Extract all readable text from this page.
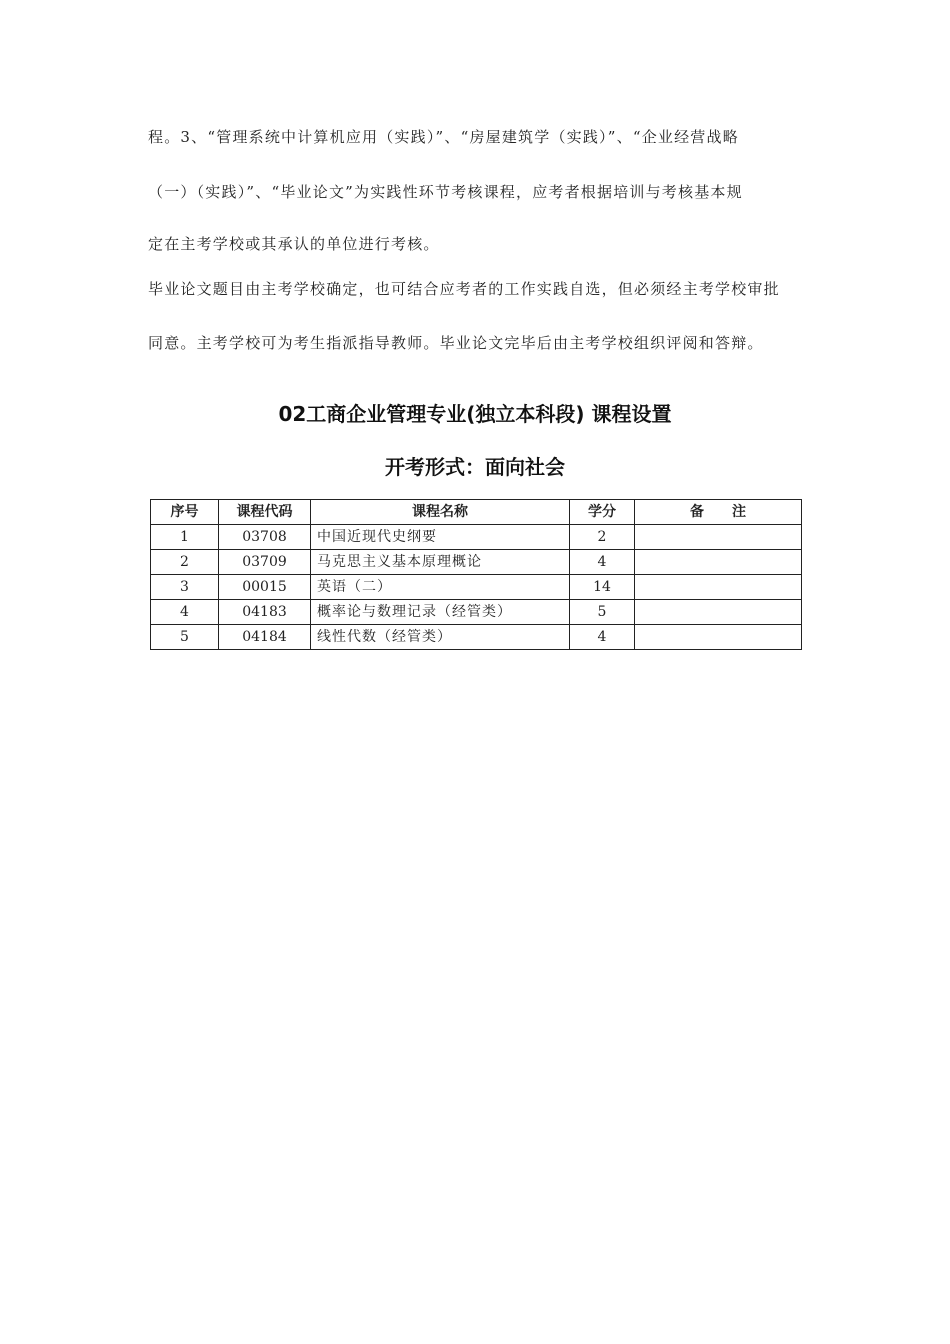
程。3、“管理系统中计算机应用（实践）”、“房屋建筑学（实践）”、“企业经营战略
（一）（实践）”、“毕业论文”为实践性环节考核课程，应考者根据培训与考核基本规
定在主考学校或其承认的单位进行考核。
毕业论文题目由主考学校确定，也可结合应考者的工作实践自选，但必须经主考学校审批
同意。主考学校可为考生指派指导教师。毕业论文完毕后由主考学校组织评阅和答辩。
02工商企业管理专业(独立本科段) 课程设置
开考形式：面向社会
序号	课程代码	课程名称	学分	备　　注
1	03708	中国近现代史纲要	2	
2	03709	马克思主义基本原理概论	4	
3	00015	英语（二）	14	
4	04183	概率论与数理记录（经管类）	5	
5	04184	线性代数（经管类）	4	
